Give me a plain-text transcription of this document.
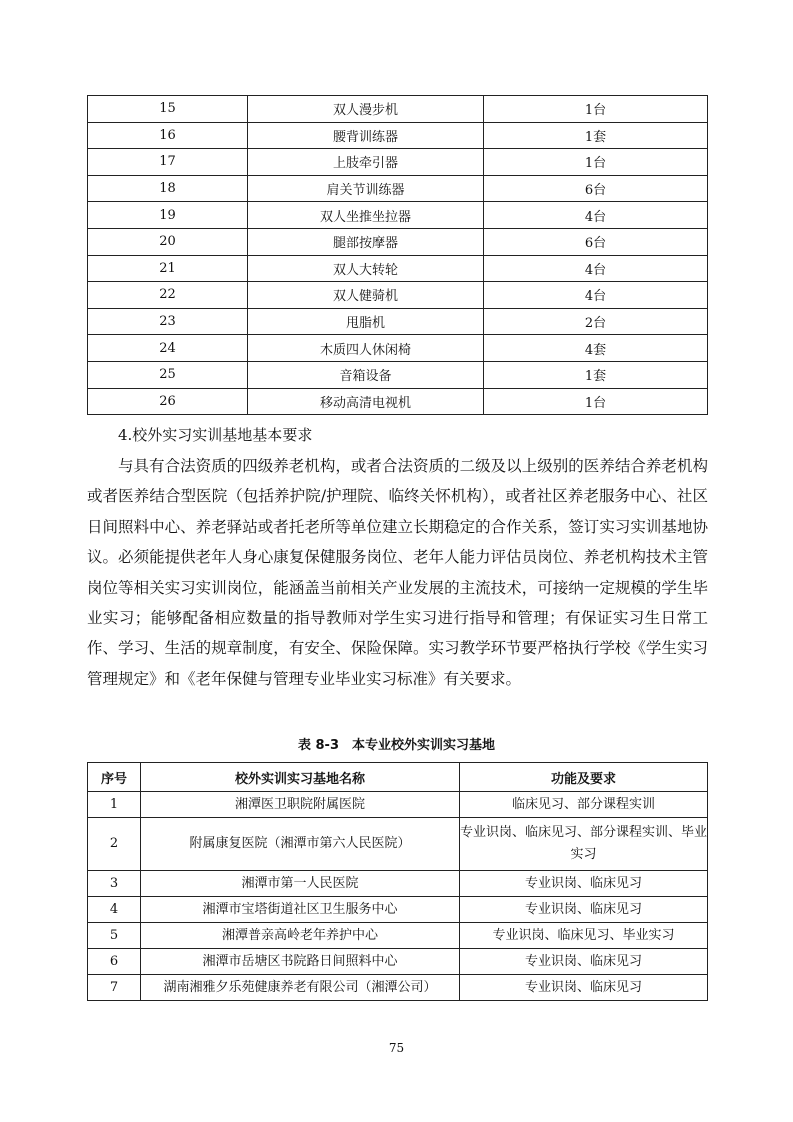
15	双人漫步机	1台
16	腰背训练器	1套
17	上肢牵引器	1台
18	肩关节训练器	6台
19	双人坐推坐拉器	4台
20	腿部按摩器	6台
21	双人大转轮	4台
22	双人健骑机	4台
23	甩脂机	2台
24	木质四人休闲椅	4套
25	音箱设备	1套
26	移动高清电视机	1台
4.校外实习实训基地基本要求

与具有合法资质的四级养老机构，或者合法资质的二级及以上级别的医养结合养老机构或者医养结合型医院（包括养护院/护理院、临终关怀机构），或者社区养老服务中心、社区日间照料中心、养老驿站或者托老所等单位建立长期稳定的合作关系，签订实习实训基地协议。必须能提供老年人身心康复保健服务岗位、老年人能力评估员岗位、养老机构技术主管岗位等相关实习实训岗位，能涵盖当前相关产业发展的主流技术，可接纳一定规模的学生毕业实习；能够配备相应数量的指导教师对学生实习进行指导和管理；有保证实习生日常工作、学习、生活的规章制度，有安全、保险保障。实习教学环节要严格执行学校《学生实习管理规定》和《老年保健与管理专业毕业实习标准》有关要求。

表 8-3　本专业校外实训实习基地
序号	校外实训实习基地名称	功能及要求
1	湘潭医卫职院附属医院	临床见习、部分课程实训
2	附属康复医院（湘潭市第六人民医院）	专业识岗、临床见习、部分课程实训、毕业实习
3	湘潭市第一人民医院	专业识岗、临床见习
4	湘潭市宝塔街道社区卫生服务中心	专业识岗、临床见习
5	湘潭普亲高岭老年养护中心	专业识岗、临床见习、毕业实习
6	湘潭市岳塘区书院路日间照料中心	专业识岗、临床见习
7	湖南湘雅夕乐苑健康养老有限公司（湘潭公司）	专业识岗、临床见习
75
